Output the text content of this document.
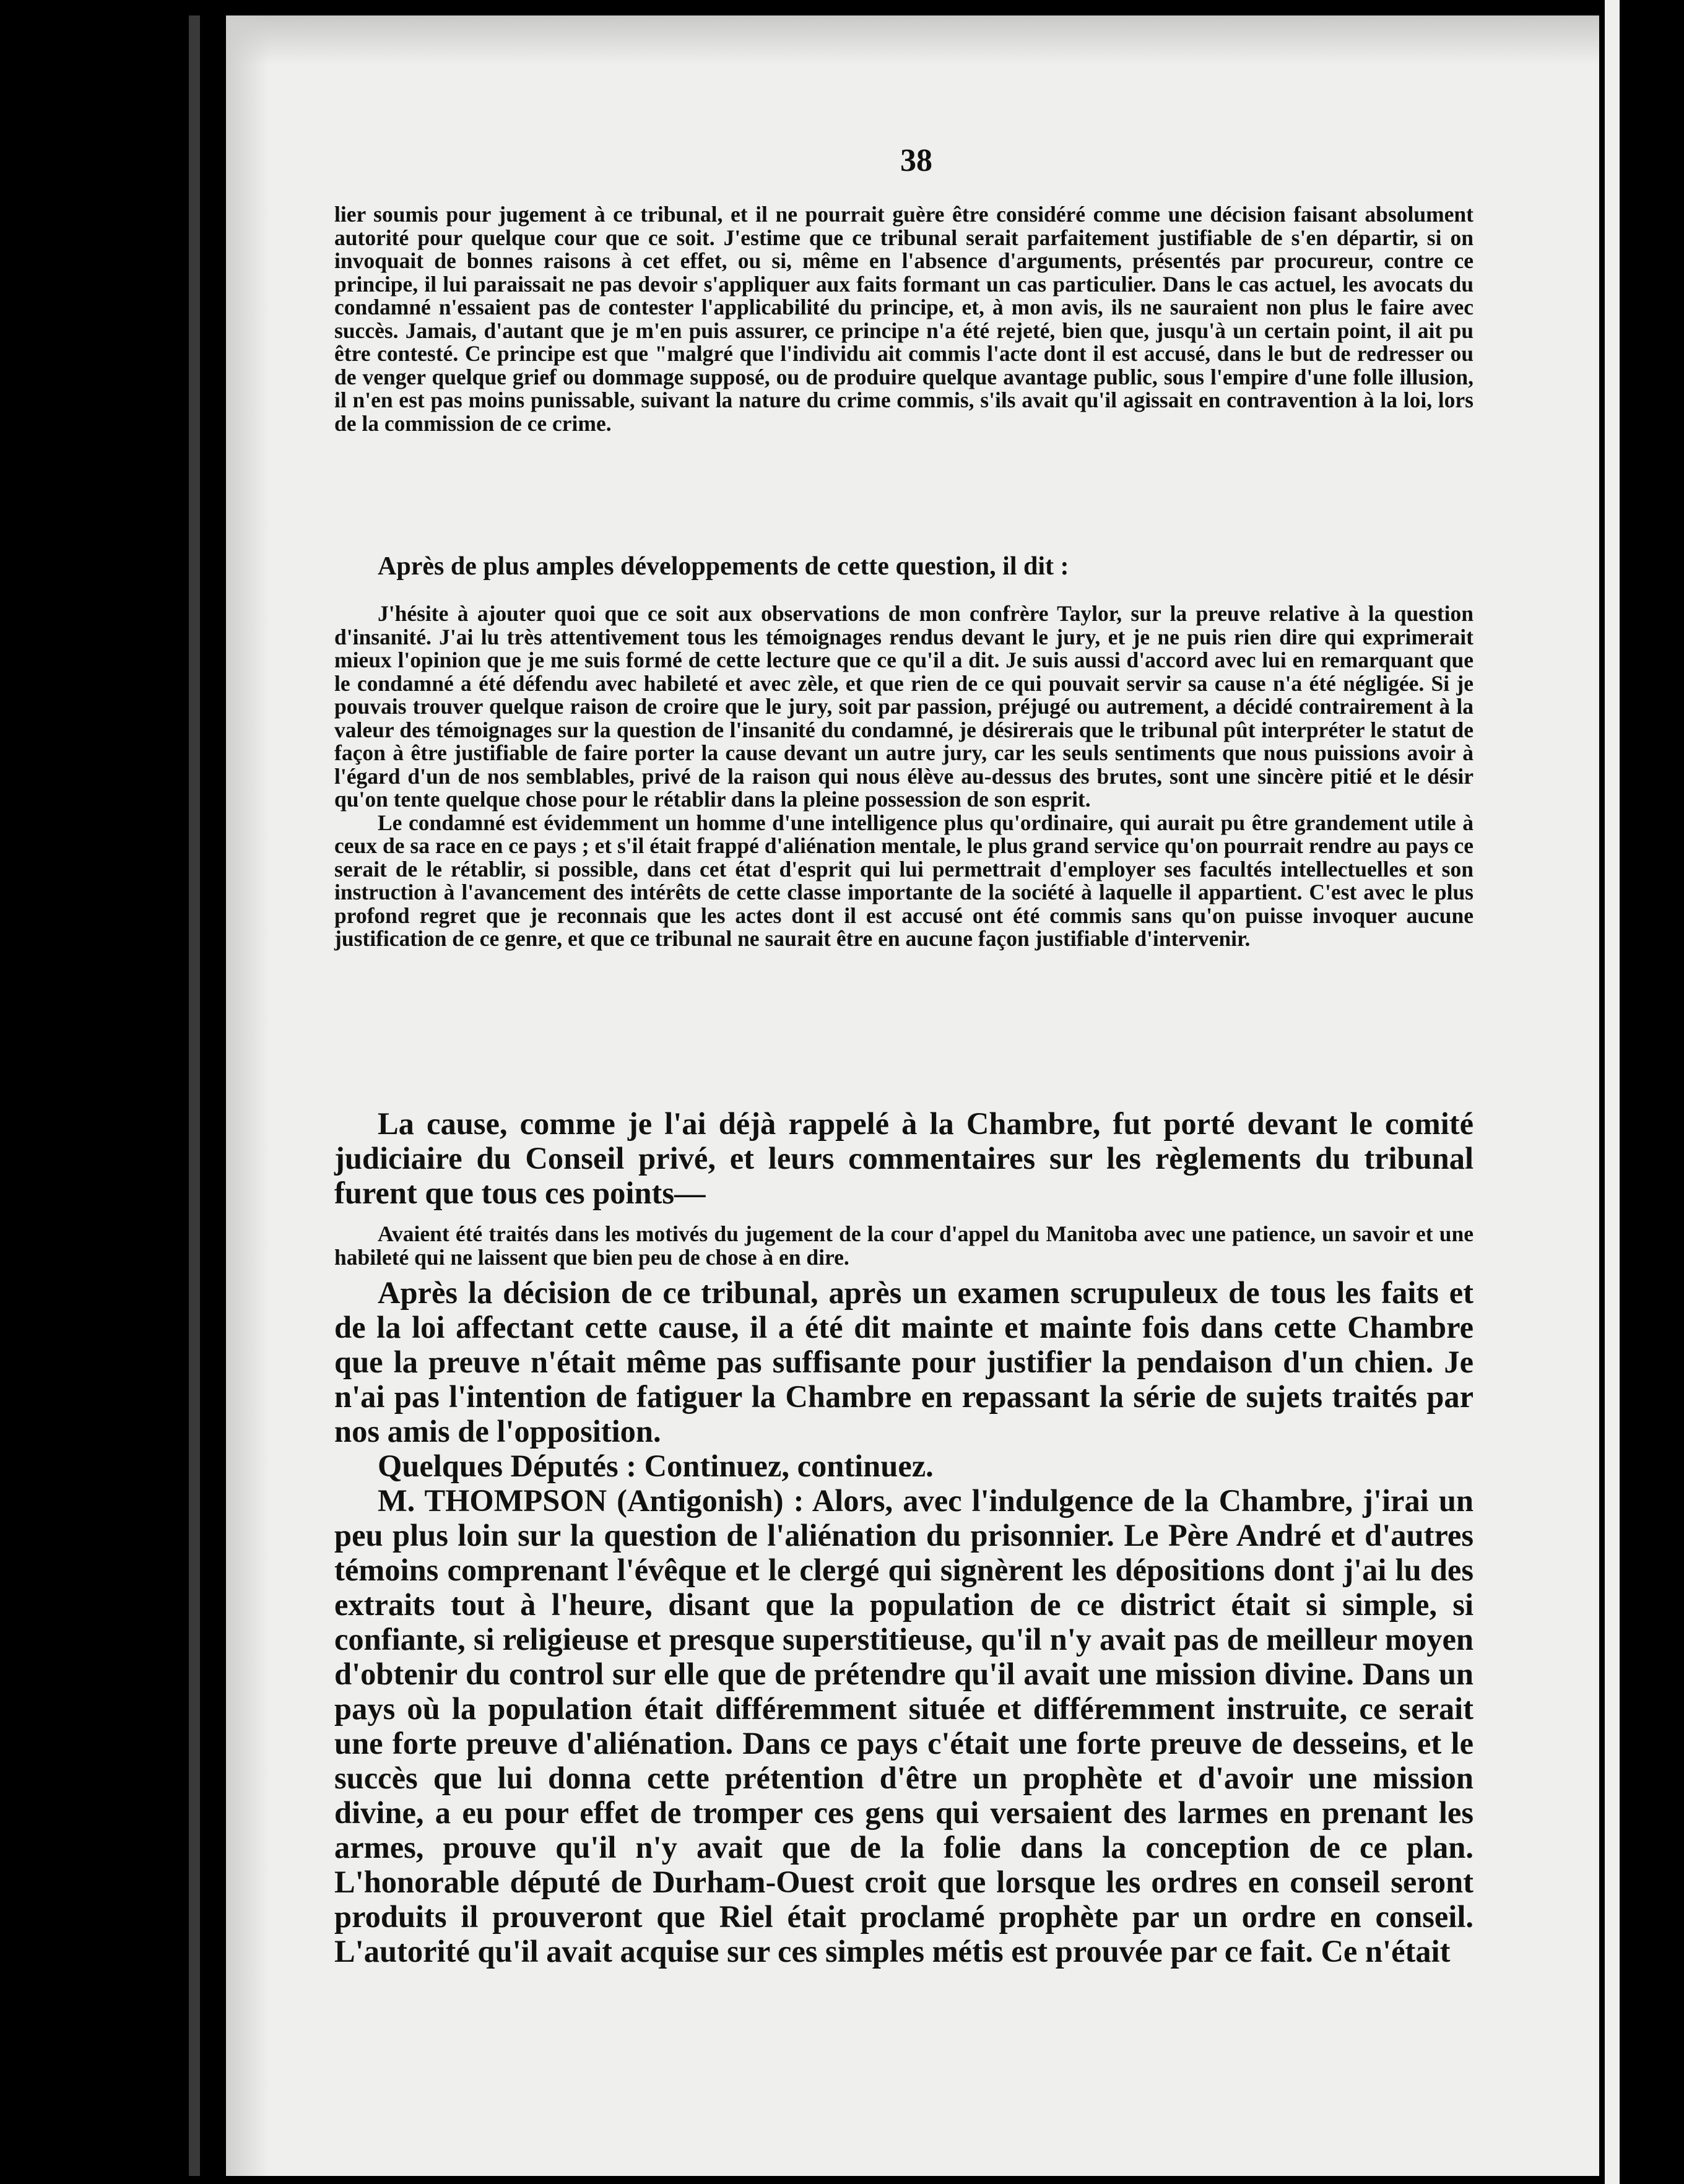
38

lier soumis pour jugement à ce tribunal, et il ne pourrait guère être considéré comme une décision faisant absolument autorité pour quelque cour que ce soit. J'estime que ce tribunal serait parfaitement justifiable de s'en départir, si on invoquait de bonnes raisons à cet effet, ou si, même en l'absence d'arguments, présentés par procureur, contre ce principe, il lui paraissait ne pas devoir s'appliquer aux faits formant un cas particulier. Dans le cas actuel, les avocats du condamné n'essaient pas de contester l'applicabilité du principe, et, à mon avis, ils ne sauraient non plus le faire avec succès. Jamais, d'autant que je m'en puis assurer, ce principe n'a été rejeté, bien que, jusqu'à un certain point, il ait pu être contesté. Ce principe est que "malgré que l'individu ait commis l'acte dont il est accusé, dans le but de redresser ou de venger quelque grief ou dommage supposé, ou de produire quelque avantage public, sous l'empire d'une folle illusion, il n'en est pas moins punissable, suivant la nature du crime commis, s'ils avait qu'il agissait en contravention à la loi, lors de la commission de ce crime.

Après de plus amples développements de cette question, il dit :

J'hésite à ajouter quoi que ce soit aux observations de mon confrère Taylor, sur la preuve relative à la question d'insanité. J'ai lu très attentivement tous les témoignages rendus devant le jury, et je ne puis rien dire qui exprimerait mieux l'opinion que je me suis formé de cette lecture que ce qu'il a dit. Je suis aussi d'accord avec lui en remarquant que le condamné a été défendu avec habileté et avec zèle, et que rien de ce qui pouvait servir sa cause n'a été négligée. Si je pouvais trouver quelque raison de croire que le jury, soit par passion, préjugé ou autrement, a décidé contrairement à la valeur des témoignages sur la question de l'insanité du condamné, je désirerais que le tribunal pût interpréter le statut de façon à être justifiable de faire porter la cause devant un autre jury, car les seuls sentiments que nous puissions avoir à l'égard d'un de nos semblables, privé de la raison qui nous élève au-dessus des brutes, sont une sincère pitié et le désir qu'on tente quelque chose pour le rétablir dans la pleine possession de son esprit.

Le condamné est évidemment un homme d'une intelligence plus qu'ordinaire, qui aurait pu être grandement utile à ceux de sa race en ce pays ; et s'il était frappé d'aliénation mentale, le plus grand service qu'on pourrait rendre au pays ce serait de le rétablir, si possible, dans cet état d'esprit qui lui permettrait d'employer ses facultés intellectuelles et son instruction à l'avancement des intérêts de cette classe importante de la société à laquelle il appartient. C'est avec le plus profond regret que je reconnais que les actes dont il est accusé ont été commis sans qu'on puisse invoquer aucune justification de ce genre, et que ce tribunal ne saurait être en aucune façon justifiable d'intervenir.

La cause, comme je l'ai déjà rappelé à la Chambre, fut porté devant le comité judiciaire du Conseil privé, et leurs commentaires sur les règlements du tribunal furent que tous ces points—

Avaient été traités dans les motivés du jugement de la cour d'appel du Manitoba avec une patience, un savoir et une habileté qui ne laissent que bien peu de chose à en dire.

Après la décision de ce tribunal, après un examen scrupuleux de tous les faits et de la loi affectant cette cause, il a été dit mainte et mainte fois dans cette Chambre que la preuve n'était même pas suffisante pour justifier la pendaison d'un chien. Je n'ai pas l'intention de fatiguer la Chambre en repassant la série de sujets traités par nos amis de l'opposition.

Quelques Députés : Continuez, continuez.

M. THOMPSON (Antigonish) : Alors, avec l'indulgence de la Chambre, j'irai un peu plus loin sur la question de l'aliénation du prisonnier. Le Père André et d'autres témoins comprenant l'évêque et le clergé qui signèrent les dépositions dont j'ai lu des extraits tout à l'heure, disant que la population de ce district était si simple, si confiante, si religieuse et presque superstitieuse, qu'il n'y avait pas de meilleur moyen d'obtenir du control sur elle que de prétendre qu'il avait une mission divine. Dans un pays où la population était différemment située et différemment instruite, ce serait une forte preuve d'aliénation. Dans ce pays c'était une forte preuve de desseins, et le succès que lui donna cette prétention d'être un prophète et d'avoir une mission divine, a eu pour effet de tromper ces gens qui versaient des larmes en prenant les armes, prouve qu'il n'y avait que de la folie dans la conception de ce plan. L'honorable député de Durham-Ouest croit que lorsque les ordres en conseil seront produits il prouveront que Riel était proclamé prophète par un ordre en conseil. L'autorité qu'il avait acquise sur ces simples métis est prouvée par ce fait. Ce n'était
